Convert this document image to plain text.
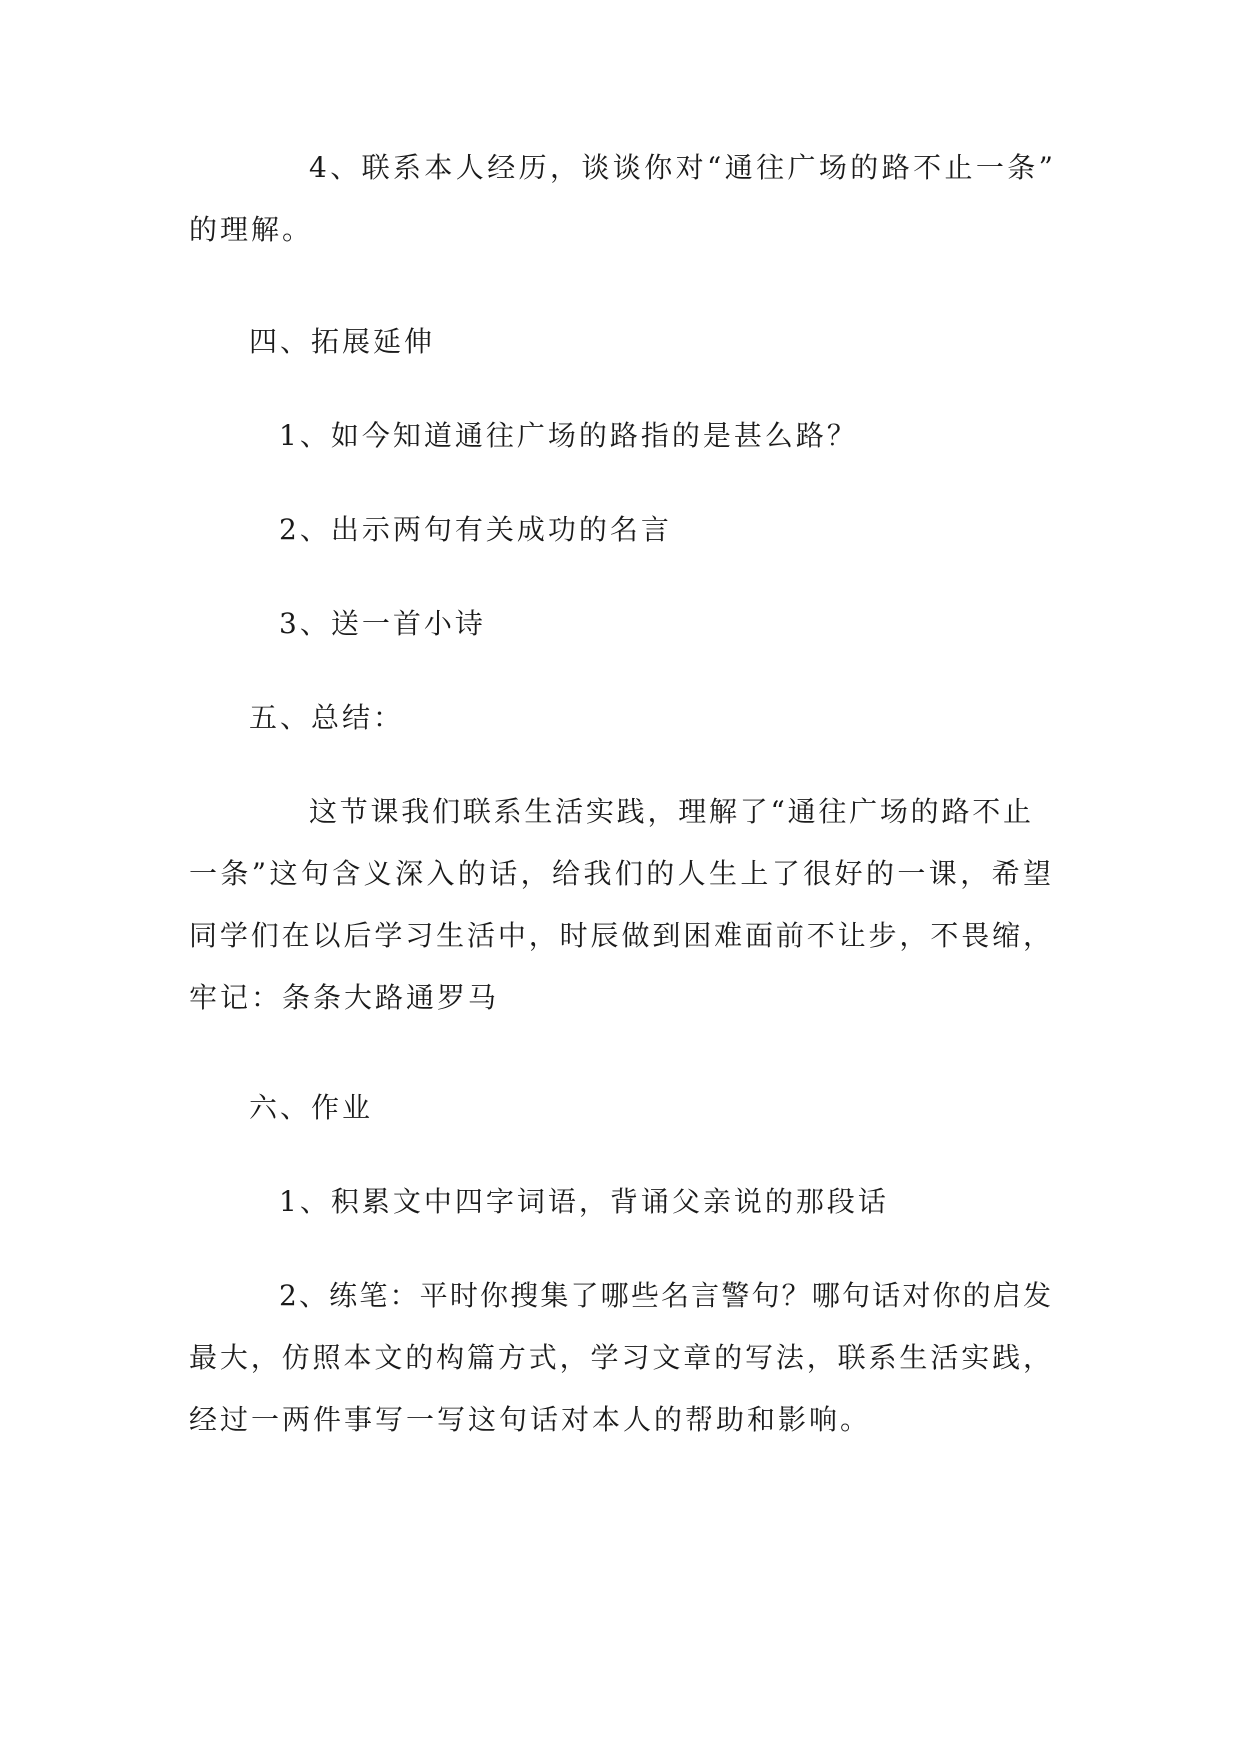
4、联系本人经历，谈谈你对“通往广场的路不止一条”
的理解。
四、拓展延伸
1、如今知道通往广场的路指的是甚么路？
2、出示两句有关成功的名言
3、送一首小诗
五、总结：
这节课我们联系生活实践，理解了“通往广场的路不止
一条”这句含义深入的话，给我们的人生上了很好的一课，希望
同学们在以后学习生活中，时辰做到困难面前不让步，不畏缩，
牢记：条条大路通罗马
六、作业
1、积累文中四字词语，背诵父亲说的那段话
2、练笔：平时你搜集了哪些名言警句？哪句话对你的启发
最大，仿照本文的构篇方式，学习文章的写法，联系生活实践，
经过一两件事写一写这句话对本人的帮助和影响。
